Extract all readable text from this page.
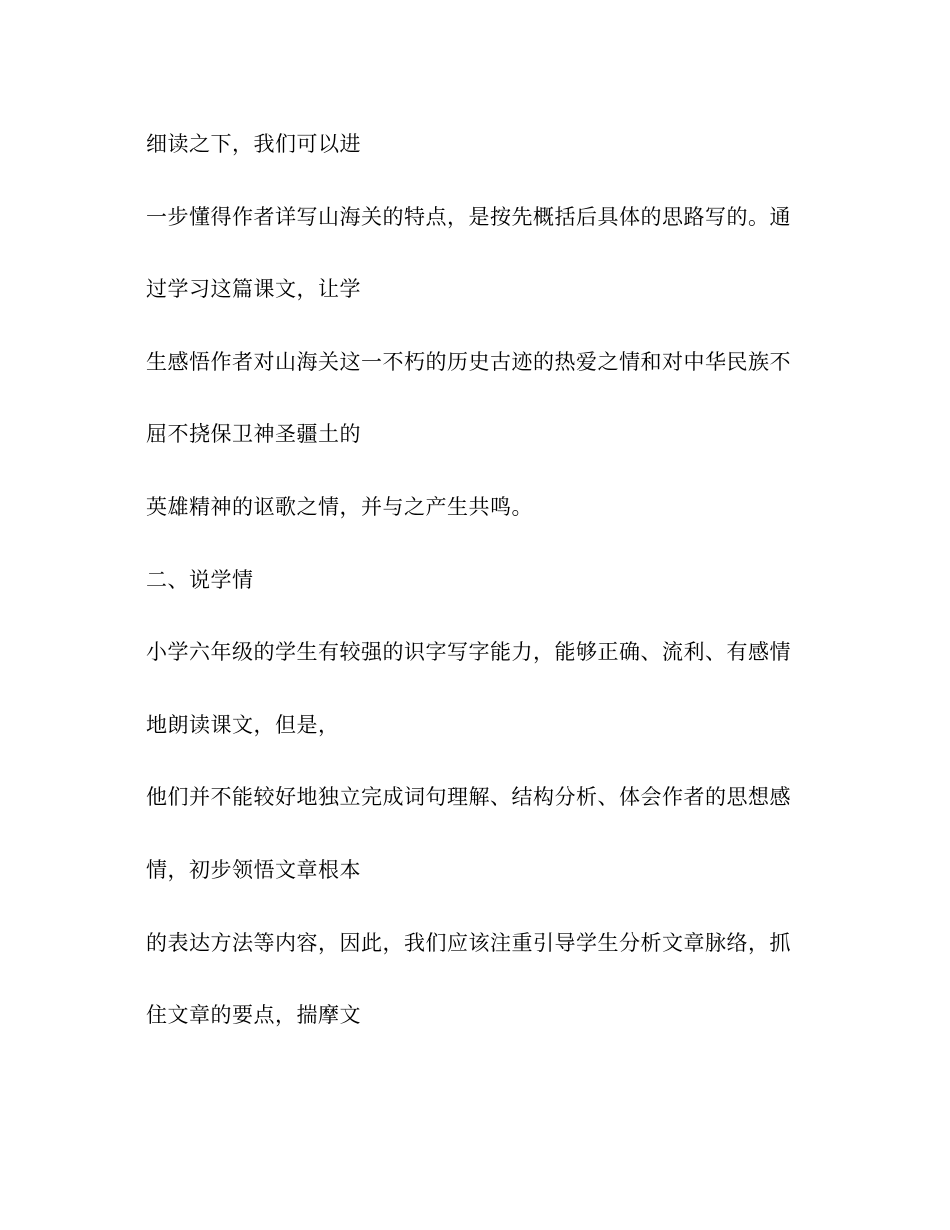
细读之下，我们可以进
一步懂得作者详写山海关的特点，是按先概括后具体的思路写的。通
过学习这篇课文，让学
生感悟作者对山海关这一不朽的历史古迹的热爱之情和对中华民族不
屈不挠保卫神圣疆土的
英雄精神的讴歌之情，并与之产生共鸣。
二、说学情
小学六年级的学生有较强的识字写字能力，能够正确、流利、有感情
地朗读课文，但是，
他们并不能较好地独立完成词句理解、结构分析、体会作者的思想感
情，初步领悟文章根本
的表达方法等内容，因此，我们应该注重引导学生分析文章脉络，抓
住文章的要点，揣摩文
